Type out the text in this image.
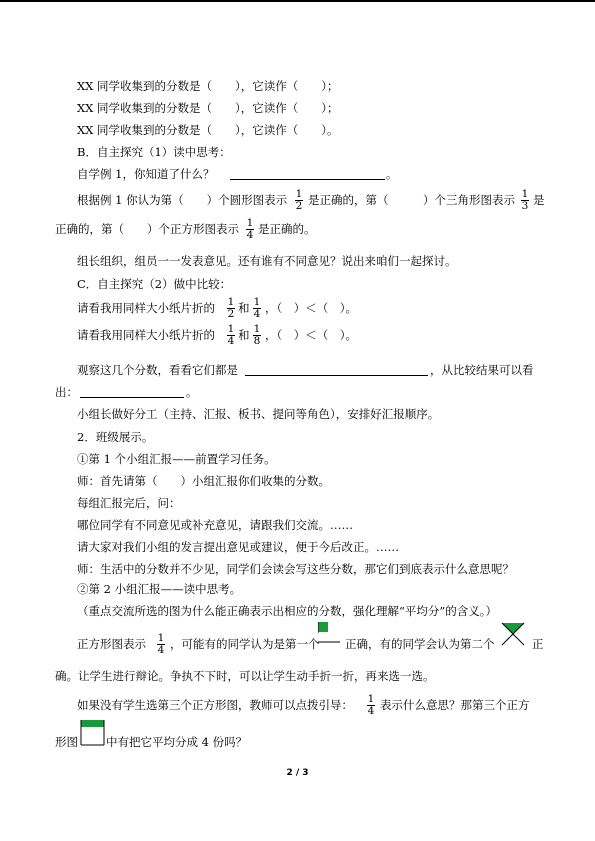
XX 同学收集到的分数是（　　），它读作（　　）；
XX 同学收集到的分数是（　　），它读作（　　）；
XX 同学收集到的分数是（　　），它读作（　　）。
B．自主探究（1）读中思考：
自学例 1，你知道了什么？	。
根据例 1 你认为第（　　）个圆形图表示 $\frac{1}{2}$ 是正确的，第（　　　）个三角形图表示 $\frac{1}{3}$ 是
正确的，第（　　）个正方形图表示 $\frac{1}{4}$ 是正确的。
组长组织，组员一一发表意见。还有谁有不同意见？说出来咱们一起探讨。
C．自主探究（2）做中比较：
请看我用同样大小纸片折的 $\frac{1}{2}$ 和 $\frac{1}{4}$ ，（　）＜（　）。
请看我用同样大小纸片折的 $\frac{1}{4}$ 和 $\frac{1}{8}$ ，（　）＜（　）。
观察这几个分数，看看它们都是	，从比较结果可以看
出：	。
小组长做好分工（主持、汇报、板书、提问等角色），安排好汇报顺序。
2．班级展示。
①第 1 个小组汇报——前置学习任务。
师：首先请第（　　）小组汇报你们收集的分数。
每组汇报完后，问：
哪位同学有不同意见或补充意见，请跟我们交流。……
请大家对我们小组的发言提出意见或建议，便于今后改正。……
师：生活中的分数并不少见，同学们会读会写这些分数，那它们到底表示什么意思呢？
②第 2 小组汇报——读中思考。
（重点交流所选的图为什么能正确表示出相应的分数，强化理解“平均分”的含义。）
正方形图表示 $\frac{1}{4}$ ，可能有的同学认为是第一个 正确，有的同学会认为第二个	正
确。让学生进行辩论。争执不下时，可以让学生动手折一折，再来选一选。
如果没有学生选第三个正方形图，教师可以点拨引导： $\frac{1}{4}$ 表示什么意思？那第三个正方
形图 中有把它平均分成 4 份吗？
2 / 3
